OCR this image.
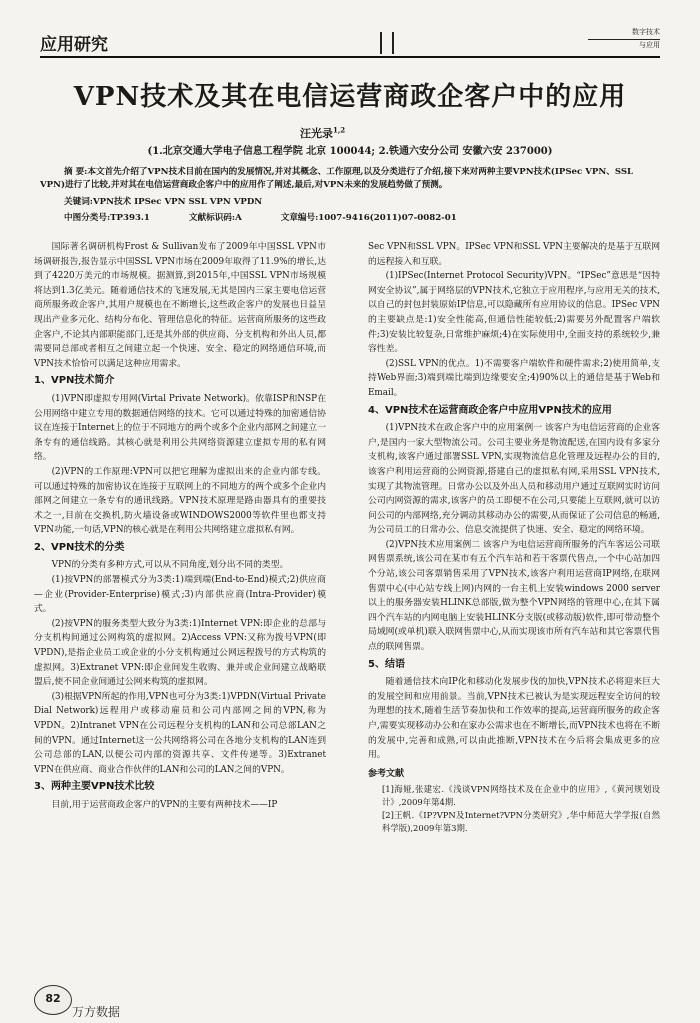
应用研究
数字技术
与应用
VPN技术及其在电信运营商政企客户中的应用
汪光录$^{1,2}$
(1.北京交通大学电子信息工程学院 北京 100044; 2.铁通六安分公司 安徽六安 237000)
摘 要:本文首先介绍了VPN技术目前在国内的发展情况,并对其概念、工作原理,以及分类进行了介绍,接下来对两种主要VPN技术(IPSec VPN、SSL VPN)进行了比较,并对其在电信运营商政企客户中的应用作了阐述,最后,对VPN未来的发展趋势做了预测。
关键词:VPN技术 IPSec VPN SSL VPN VPDN
中图分类号:TP393.1	文献标识码:A	文章编号:1007-9416(2011)07-0082-01

国际著名调研机构Frost & Sullivan发布了2009年中国SSL VPN市场调研报告,报告显示中国SSL VPN市场在2009年取得了11.9%的增长,达到了4220万美元的市场规模。据测算,到2015年,中国SSL VPN市场规模将达到1.3亿美元。随着通信技术的飞速发展,无其是国内三家主要电信运营商所服务政企客户,其用户规模也在不断增长,这些政企客户的发展也日益呈现出产业多元化、结构分布化、管理信息化的特征。运营商所服务的这些政企客户,不论其内部职能部门,还是其外部的供应商、分支机构和外出人员,都需要同总部或者相互之间建立起一个快速、安全、稳定的网络通信环境,而VPN技术恰恰可以满足这种应用需求。

1、VPN技术简介

(1)VPN即虚拟专用网(Virtal Private Network)。依靠ISP和NSP在公用网络中建立专用的数据通信网络的技术。它可以通过特殊的加密通信协议在连接于Internet上的位于不同地方的两个或多个企业内部网之间建立一条专有的通信线路。其核心就是利用公共网络资源建立虚拟专用的私有网络。

(2)VPN的工作原理:VPN可以把它理解为虚拟出来的企业内部专线。可以通过特殊的加密协议在连接于互联网上的不同地方的两个或多个企业内部网之间建立一条专有的通讯线路。VPN技术原理是路由器具有的重要技术之一,目前在交换机,防火墙设备或WINDOWS2000等软件里也都支持VPN功能,一句话,VPN的核心就是在利用公共网络建立虚拟私有网。

2、VPN技术的分类

VPN的分类有多种方式,可以从不同角度,划分出不同的类型。

(1)按VPN的部署模式分为3类:1)端到端(End-to-End)模式;2)供应商—企业(Provider-Enterprise)模式;3)内部供应商(Intra-Provider)模式。

(2)按VPN的服务类型大致分为3类:1)Internet VPN:即企业的总部与分支机构间通过公网构筑的虚拟网。2)Access VPN:又称为拨号VPN(即VPDN),是指企业员工或企业的小分支机构通过公网远程拨号的方式构筑的虚拟网。3)Extranet VPN:即企业间发生收购、兼并或企业间建立战略联盟后,使不同企业间通过公网来构筑的虚拟网。

(3)根据VPN所起的作用,VPN也可分为3类:1)VPDN(Virtual Private Dial Network)远程用户或移动雇员和公司内部网之间的VPN,称为VPDN。2)Intranet VPN在公司远程分支机构的LAN和公司总部LAN之间的VPN。通过Internet这一公共网络将公司在各地分支机构的LAN连到公司总部的LAN,以便公司内部的资源共享、文件传递等。3)Extranet VPN在供应商、商业合作伙伴的LAN和公司的LAN之间的VPN。

3、两种主要VPN技术比较

目前,用于运营商政企客户的VPN的主要有两种技术——IP

Sec VPN和SSL VPN。IPSec VPN和SSL VPN主要解决的是基于互联网的远程接入和互联。

(1)IPSec(Internet Protocol Security)VPN。“IPSec”意思是“因特网安全协议”,属于网络层的VPN技术,它独立于应用程序,与应用无关的技术,以自己的封包封装原始IP信息,可以隐藏所有应用协议的信息。IPSec VPN的主要缺点是:1)安全性能高,但通信性能较低;2)需要另外配置客户端软件;3)安装比较复杂,日常维护麻烦;4)在实际使用中,全面支持的系统较少,兼容性差。

(2)SSL VPN的优点。1)不需要客户端软件和硬件需求;2)使用简单,支持Web界面;3)端到端比端到边缘要安全;4)90%以上的通信是基于Web和Email。

4、VPN技术在运营商政企客户中应用VPN技术的应用

(1)VPN技术在政企客户中的应用案例一 该客户为电信运营商的企业客户,是国内一家大型物流公司。公司主要业务是物流配送,在国内设有多家分支机构,该客户通过部署SSL VPN,实现物流信息化管理及远程办公的目的,该客户利用运营商的公网资源,搭建自己的虚拟私有网,采用SSL VPN技术,实现了其物流管理。日常办公以及外出人员和移动用户通过互联网实时访问公司内网资源的需求,该客户的员工即便不在公司,只要能上互联网,就可以访问公司的内部网络,充分调动其移动办公的需要,从而保证了公司信息的畅通,为公司员工的日常办公、信息交流提供了快速、安全、稳定的网络环境。

(2)VPN技术应用案例二 该客户为电信运营商所服务的汽车客运公司联网售票系统,该公司在某市有五个汽车站和若干客票代售点,一个中心站加四个分站,该公司客票销售采用了VPN技术,该客户利用运营商IP网络,在联网售票中心(中心站专线上网)内网的一台主机上安装windows 2000 server以上的服务器安装HLINK总部版,做为整个VPN网络的管理中心,在其下属四个汽车站的内网电脑上安装HLINK分支版(或移动版)软件,即可带动整个局域网(或单机)联入联网售票中心,从而实现该市所有汽车站和其它客票代售点的联网售票。

5、结语

随着通信技术向IP化和移动化发展步伐的加快,VPN技术必将迎来巨大的发展空间和应用前景。当前,VPN技术已被认为是实现远程安全访问的较为理想的技术,随着生活节奏加快和工作效率的提高,运营商所服务的政企客户,需要实现移动办公和在家办公需求也在不断增长,而VPN技术也将在不断的发展中,完善和成熟,可以由此推断,VPN技术在今后将会集成更多的应用。

参考文献

[1]海娅,张建宏.《浅谈VPN网络技术及在企业中的应用》,《黄河规划设计》,2009年第4期.

[2]王帆.《IP?VPN及Internet?VPN分类研究》,华中师范大学学报(自然科学版),2009年第3期.

82
万方数据
